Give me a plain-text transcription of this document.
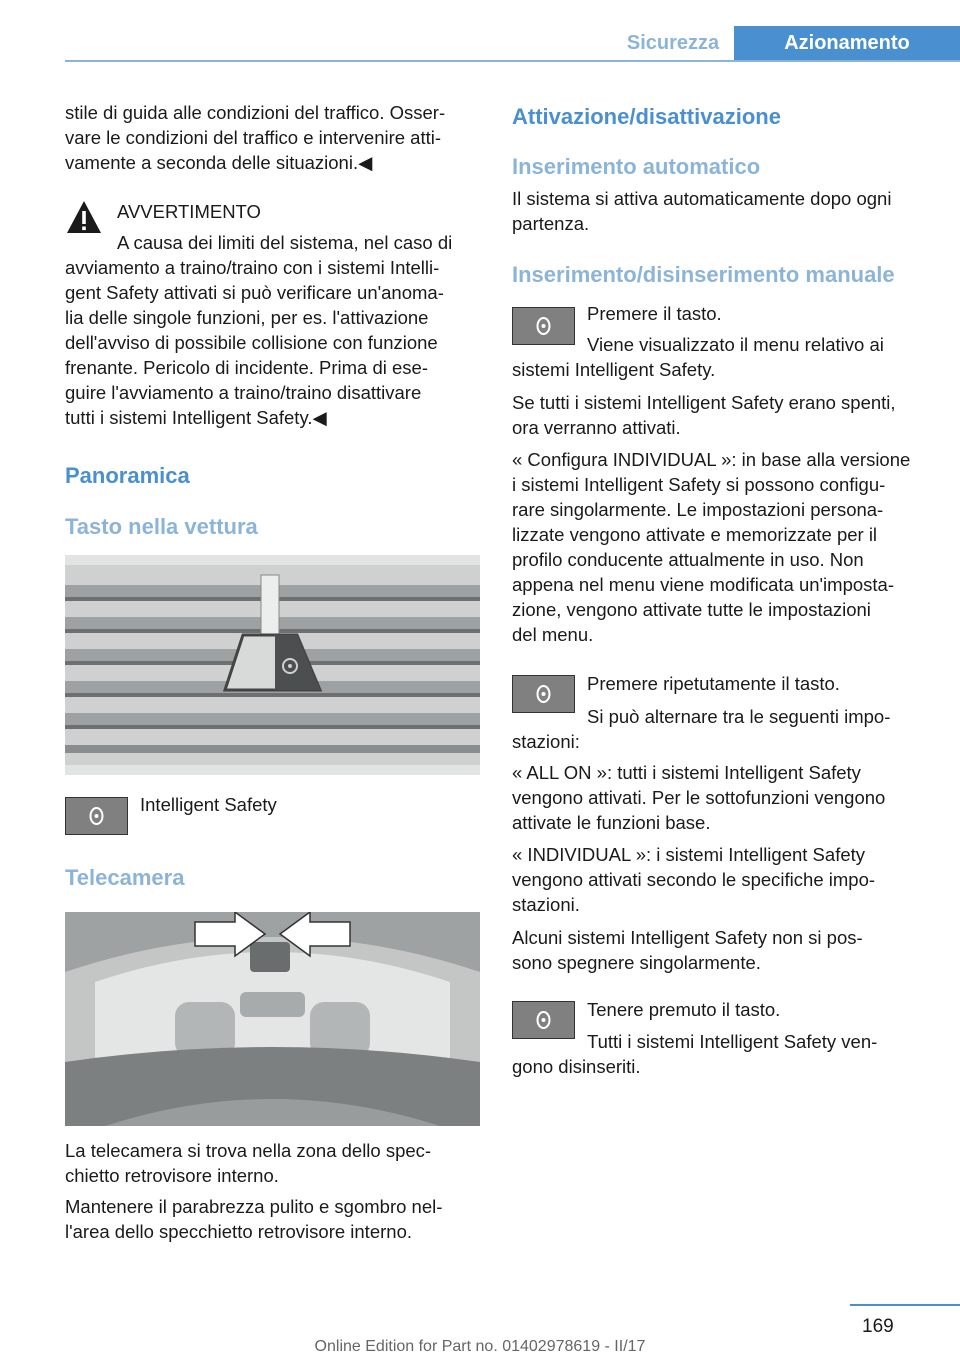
Sicurezza	Azionamento
stile di guida alle condizioni del traffico. Osser‐
vare le condizioni del traffico e intervenire atti‐
vamente a seconda delle situazioni.◀
AVVERTIMENTO
A causa dei limiti del sistema, nel caso di
avviamento a traino/traino con i sistemi Intelli‐
gent Safety attivati si può verificare un'anoma‐
lia delle singole funzioni, per es. l'attivazione
dell'avviso di possibile collisione con funzione
frenante. Pericolo di incidente. Prima di ese‐
guire l'avviamento a traino/traino disattivare
tutti i sistemi Intelligent Safety.◀
Panoramica
Tasto nella vettura
Intelligent Safety
Telecamera
La telecamera si trova nella zona dello spec‐
chietto retrovisore interno.
Mantenere il parabrezza pulito e sgombro nel‐
l'area dello specchietto retrovisore interno.
Attivazione/disattivazione
Inserimento automatico
Il sistema si attiva automaticamente dopo ogni
partenza.
Inserimento/disinserimento manuale
Premere il tasto.
Viene visualizzato il menu relativo ai
sistemi Intelligent Safety.
Se tutti i sistemi Intelligent Safety erano spenti,
ora verranno attivati.
« Configura INDIVIDUAL »: in base alla versione
i sistemi Intelligent Safety si possono configu‐
rare singolarmente. Le impostazioni persona‐
lizzate vengono attivate e memorizzate per il
profilo conducente attualmente in uso. Non
appena nel menu viene modificata un'imposta‐
zione, vengono attivate tutte le impostazioni
del menu.
Premere ripetutamente il tasto.
Si può alternare tra le seguenti impo‐
stazioni:
« ALL ON »: tutti i sistemi Intelligent Safety
vengono attivati. Per le sottofunzioni vengono
attivate le funzioni base.
« INDIVIDUAL »: i sistemi Intelligent Safety
vengono attivati secondo le specifiche impo‐
stazioni.
Alcuni sistemi Intelligent Safety non si pos‐
sono spegnere singolarmente.
Tenere premuto il tasto.
Tutti i sistemi Intelligent Safety ven‐
gono disinseriti.
169
Online Edition for Part no. 01402978619 - II/17
